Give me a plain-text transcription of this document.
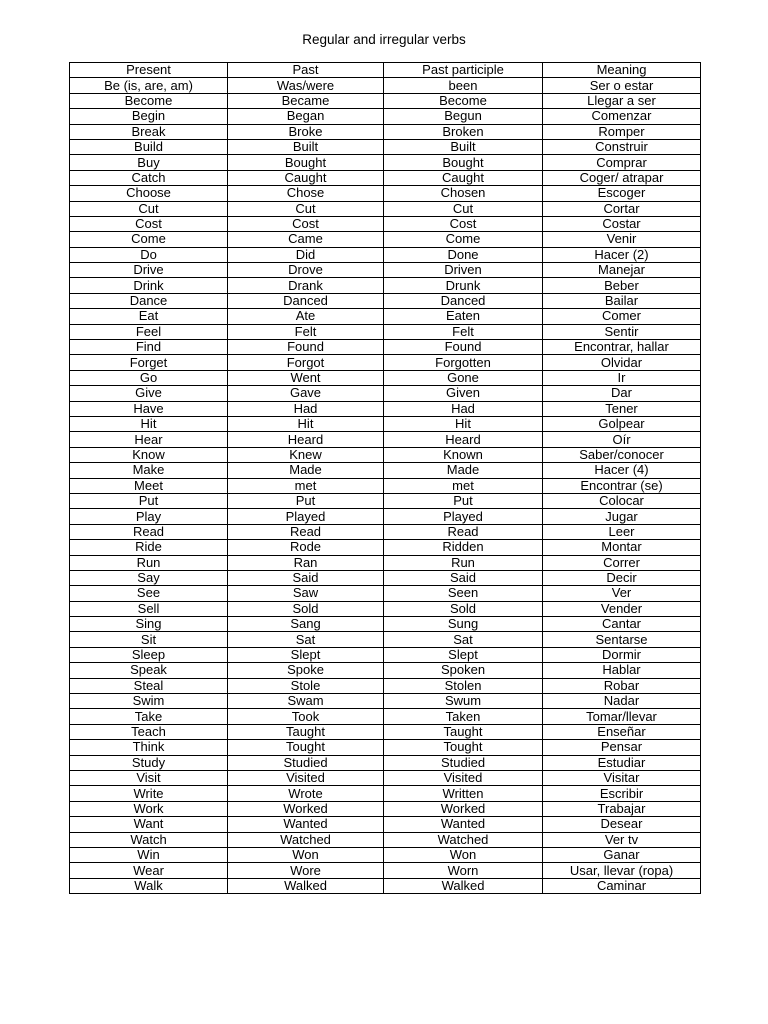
Regular and irregular verbs
Present	Past	Past participle	Meaning
Be (is, are, am)	Was/were	been	Ser o estar
Become	Became	Become	Llegar a ser
Begin	Began	Begun	Comenzar
Break	Broke	Broken	Romper
Build	Built	Built	Construir
Buy	Bought	Bought	Comprar
Catch	Caught	Caught	Coger/ atrapar
Choose	Chose	Chosen	Escoger
Cut	Cut	Cut	Cortar
Cost	Cost	Cost	Costar
Come	Came	Come	Venir
Do	Did	Done	Hacer (2)
Drive	Drove	Driven	Manejar
Drink	Drank	Drunk	Beber
Dance	Danced	Danced	Bailar
Eat	Ate	Eaten	Comer
Feel	Felt	Felt	Sentir
Find	Found	Found	Encontrar, hallar
Forget	Forgot	Forgotten	Olvidar
Go	Went	Gone	Ir
Give	Gave	Given	Dar
Have	Had	Had	Tener
Hit	Hit	Hit	Golpear
Hear	Heard	Heard	Oír
Know	Knew	Known	Saber/conocer
Make	Made	Made	Hacer (4)
Meet	met	met	Encontrar (se)
Put	Put	Put	Colocar
Play	Played	Played	Jugar
Read	Read	Read	Leer
Ride	Rode	Ridden	Montar
Run	Ran	Run	Correr
Say	Said	Said	Decir
See	Saw	Seen	Ver
Sell	Sold	Sold	Vender
Sing	Sang	Sung	Cantar
Sit	Sat	Sat	Sentarse
Sleep	Slept	Slept	Dormir
Speak	Spoke	Spoken	Hablar
Steal	Stole	Stolen	Robar
Swim	Swam	Swum	Nadar
Take	Took	Taken	Tomar/llevar
Teach	Taught	Taught	Enseñar
Think	Tought	Tought	Pensar
Study	Studied	Studied	Estudiar
Visit	Visited	Visited	Visitar
Write	Wrote	Written	Escribir
Work	Worked	Worked	Trabajar
Want	Wanted	Wanted	Desear
Watch	Watched	Watched	Ver tv
Win	Won	Won	Ganar
Wear	Wore	Worn	Usar, llevar (ropa)
Walk	Walked	Walked	Caminar
